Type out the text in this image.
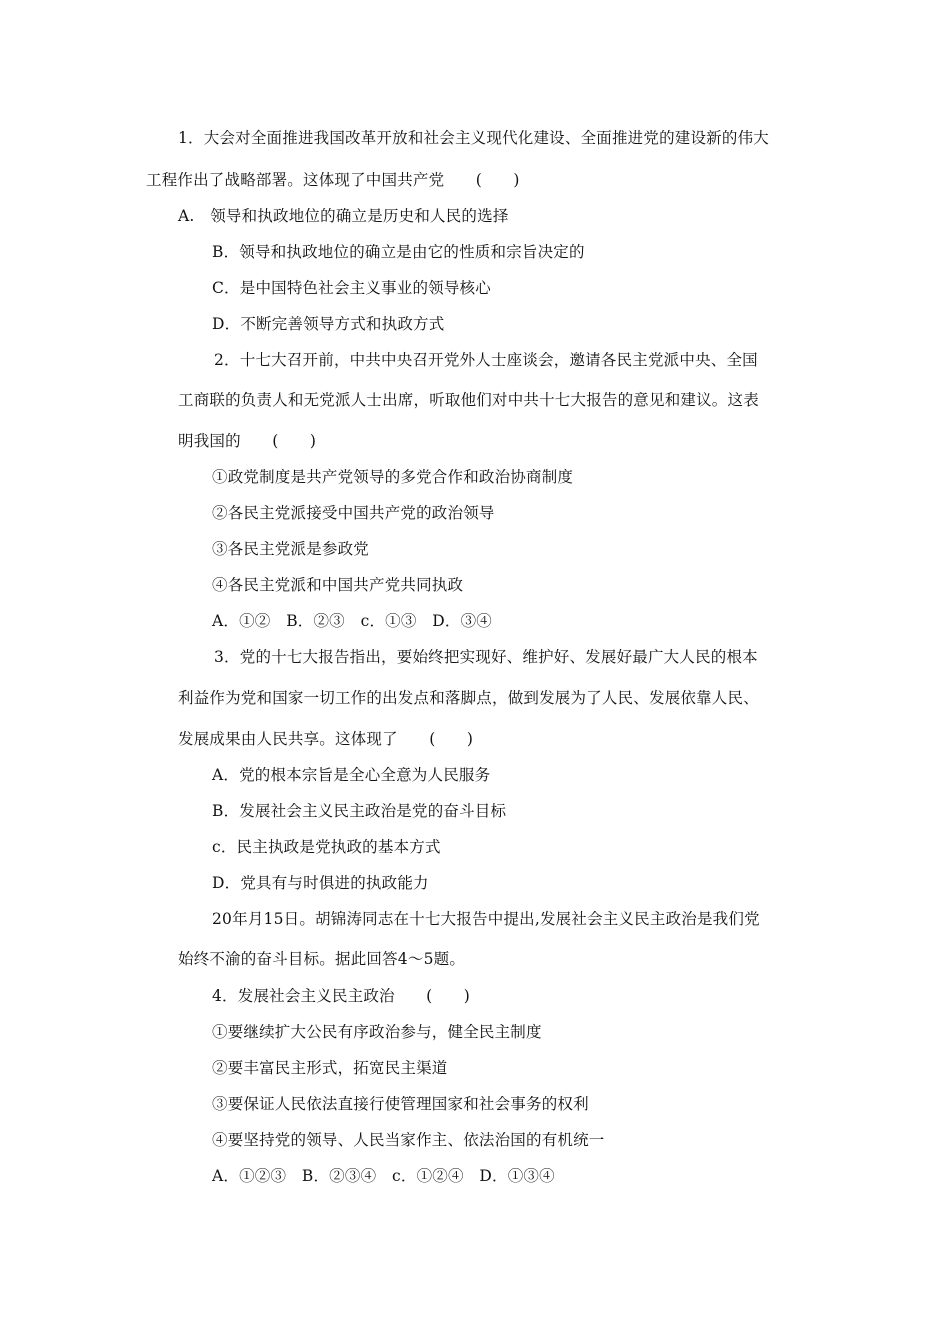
1．大会对全面推进我国改革开放和社会主义现代化建设、全面推进党的建设新的伟大
工程作出了战略部署。这体现了中国共产党　　(　　)
A.　领导和执政地位的确立是历史和人民的选择
B．领导和执政地位的确立是由它的性质和宗旨决定的
C．是中国特色社会主义事业的领导核心
D．不断完善领导方式和执政方式
2．十七大召开前，中共中央召开党外人士座谈会，邀请各民主党派中央、全国
工商联的负责人和无党派人士出席，听取他们对中共十七大报告的意见和建议。这表
明我国的　　(　　)
①政党制度是共产党领导的多党合作和政治协商制度
②各民主党派接受中国共产党的政治领导
③各民主党派是参政党
④各民主党派和中国共产党共同执政
A．①②　B．②③　c．①③　D．③④
3．党的十七大报告指出，要始终把实现好、维护好、发展好最广大人民的根本
利益作为党和国家一切工作的出发点和落脚点，做到发展为了人民、发展依靠人民、
发展成果由人民共享。这体现了　　(　　)
A．党的根本宗旨是全心全意为人民服务
B．发展社会主义民主政治是党的奋斗目标
c．民主执政是党执政的基本方式
D．党具有与时俱进的执政能力
20年月15日。胡锦涛同志在十七大报告中提出,发展社会主义民主政治是我们党
始终不渝的奋斗目标。据此回答4～5题。
4．发展社会主义民主政治　　(　　)
①要继续扩大公民有序政治参与，健全民主制度
②要丰富民主形式，拓宽民主渠道
③要保证人民依法直接行使管理国家和社会事务的权利
④要坚持党的领导、人民当家作主、依法治国的有机统一
A．①②③　B．②③④　c．①②④　D．①③④
